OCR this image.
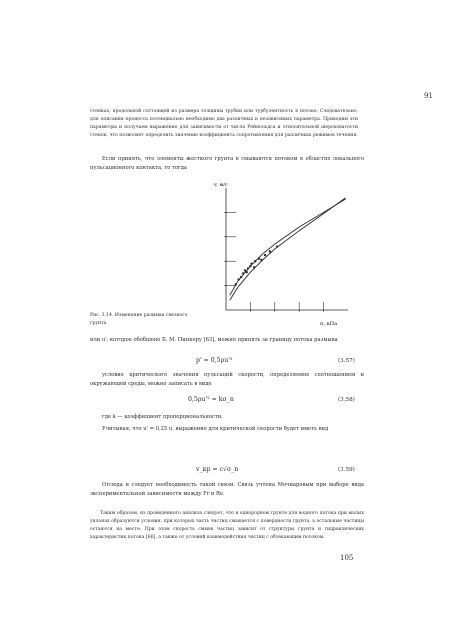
91
стенках, продольной состоящей из размера толщины трубки или турбулентность в потоке. Следовательно, для описания процесса потенциально необходимо два различных и независимых параметра. Приводим эти параметры и получаем выражение для зависимости от числа Рейнольдса и относительной шероховатости стенок, что позволяет определить значение коэффициента сопротивления для различных режимов течения.
Если принять, что элементы жесткого грунта в смываются потоком в областях локального пульсационного контакта, то тогда
v, м/с
σ, кПа
Рис. 3.14. Изменение размыва связного грунта
или u', которое обобщено Б. М. Пинкеру [63], можно принять за границу потока размыва
p' = 0,5ρu'²	(3.57)
условие критического значения пульсаций скорости, определяемое соотношением и окружающей среды, можно записать в виде
0,5ρu'² = kσ_n	(3.58)
где k — коэффициент пропорциональности.
Учитывая, что u' = 0,25 u, выражение для критической скорости будет иметь вид
v_кр = c√σ_n	(3.59)
Отсюда и следует необходимость такой связи. Связь учтена Мочиаровым при выборе вида экспериментальной зависимости между Fr и Re.
Таким образом, из проведенного анализа следует, что в однородном грунте для водного потока при малых уклонах образуются условия, при которых часть частиц смывается с поверхности грунта, а остальные частицы остаются на месте. При этом скорость смыва частиц зависит от структуры грунта и гидравлических характеристик потока [66], а также от условий взаимодействия частиц с обтекающим потоком.
105
